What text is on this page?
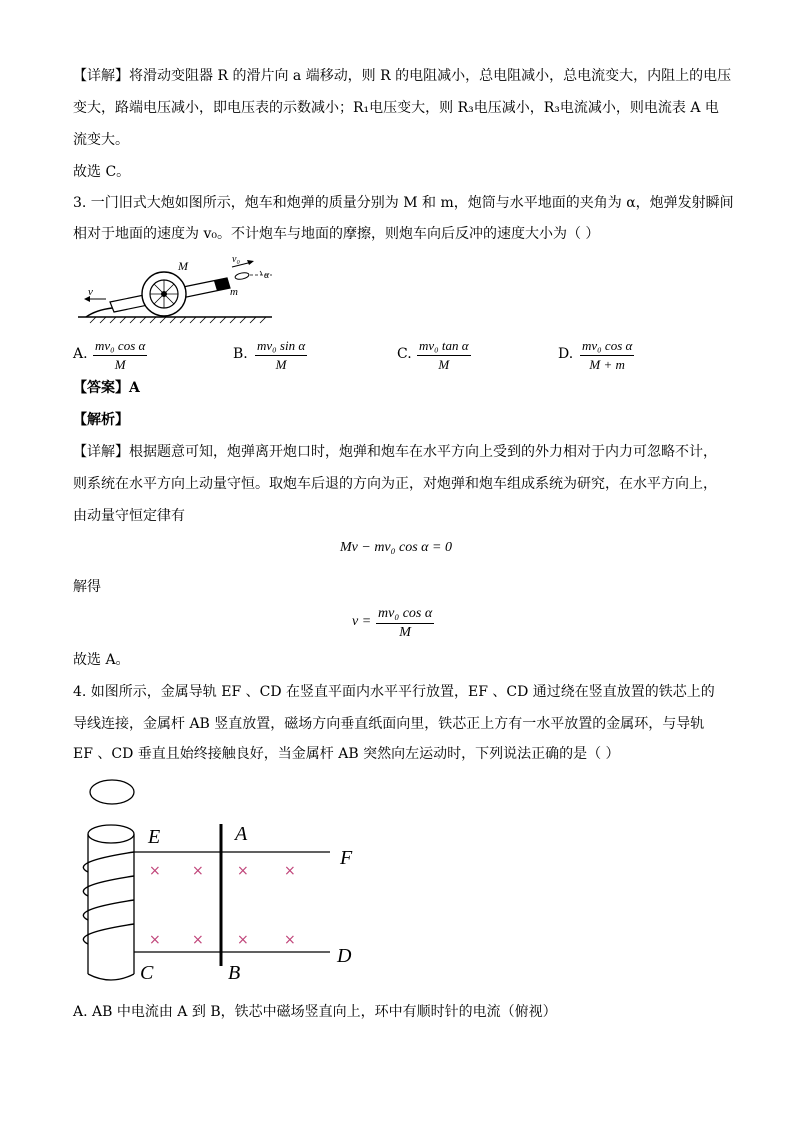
【详解】将滑动变阻器 R 的滑片向 a 端移动，则 R 的电阻减小，总电阻减小，总电流变大，内阻上的电压
变大，路端电压减小，即电压表的示数减小；R₁电压变大，则 R₃电压减小，R₃电流减小，则电流表 A 电
流变大。
故选 C。
3. 一门旧式大炮如图所示，炮车和炮弹的质量分别为 M 和 m，炮筒与水平地面的夹角为 α，炮弹发射瞬间
相对于地面的速度为 v₀。不计炮车与地面的摩擦，则炮车向后反冲的速度大小为（ ）
M
m
v
v₀
α
A. $\frac{\text{mv₀ cos α}}{M}$	B. $\frac{\text{mv₀ sin α}}{M}$	C. $\frac{\text{mv₀ tan α}}{M}$	D. $\frac{\text{mv₀ cos α}}{M + m}$
【答案】A
【解析】
【详解】根据题意可知，炮弹离开炮口时，炮弹和炮车在水平方向上受到的外力相对于内力可忽略不计，
则系统在水平方向上动量守恒。取炮车后退的方向为正，对炮弹和炮车组成系统为研究，在水平方向上，
由动量守恒定律有
Mv − mv₀ cos α = 0
解得
$v = \frac{\text{mv₀ cos α}}{M}$
故选 A。
4. 如图所示，金属导轨 EF 、CD 在竖直平面内水平平行放置，EF 、CD 通过绕在竖直放置的铁芯上的
导线连接，金属杆 AB 竖直放置，磁场方向垂直纸面向里，铁芯正上方有一水平放置的金属环，与导轨
EF 、CD 垂直且始终接触良好，当金属杆 AB 突然向左运动时，下列说法正确的是（ ）
× × ×	×
× × ×	×
E	A
F
C	B
D
A. AB 中电流由 A 到 B，铁芯中磁场竖直向上，环中有顺时针的电流（俯视）
